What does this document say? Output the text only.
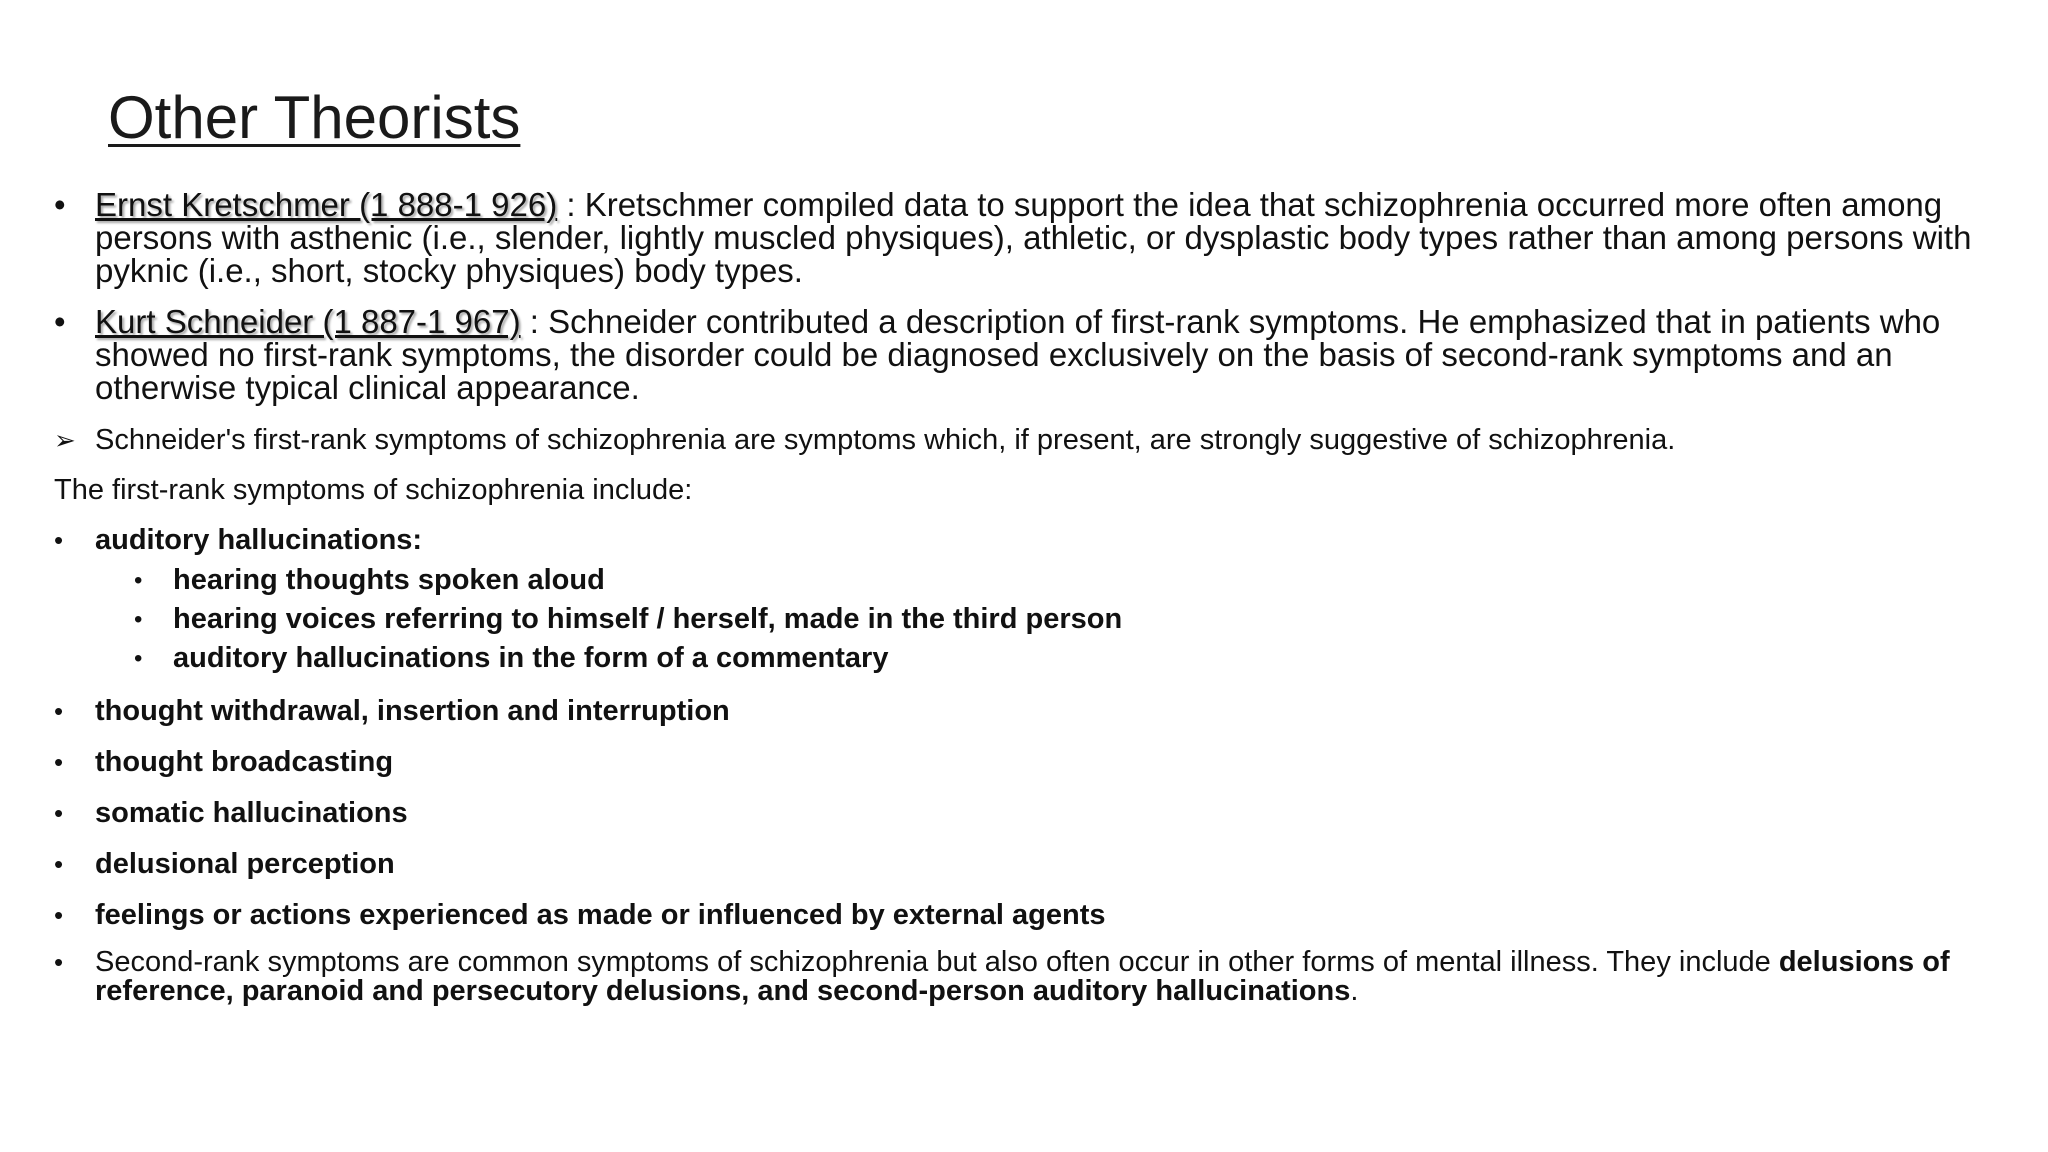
Other Theorists
• Ernst Kretschmer (1 888-1 926) : Kretschmer compiled data to support the idea that schizophrenia occurred more often among persons with asthenic (i.e., slender, lightly muscled physiques), athletic, or dysplastic body types rather than among persons with pyknic (i.e., short, stocky physiques) body types.
• Kurt Schneider (1 887-1 967) : Schneider contributed a description of first-rank symptoms. He emphasized that in patients who showed no first-rank symptoms, the disorder could be diagnosed exclusively on the basis of second-rank symptoms and an otherwise typical clinical appearance.
➢ Schneider's first-rank symptoms of schizophrenia are symptoms which, if present, are strongly suggestive of schizophrenia.
The first-rank symptoms of schizophrenia include:
• auditory hallucinations:
• hearing thoughts spoken aloud
• hearing voices referring to himself / herself, made in the third person
• auditory hallucinations in the form of a commentary
• thought withdrawal, insertion and interruption
• thought broadcasting
• somatic hallucinations
• delusional perception
• feelings or actions experienced as made or influenced by external agents
• Second-rank symptoms are common symptoms of schizophrenia but also often occur in other forms of mental illness. They include delusions of reference, paranoid and persecutory delusions, and second-person auditory hallucinations.
